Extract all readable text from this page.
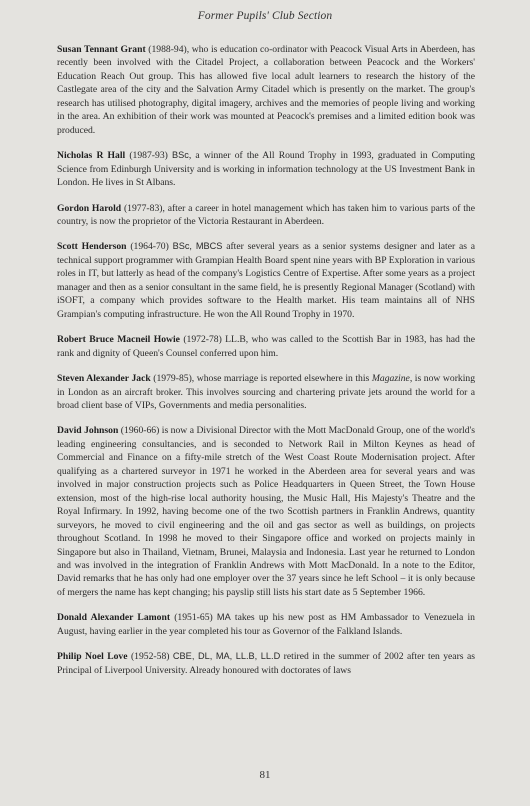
Former Pupils' Club Section

Susan Tennant Grant (1988-94), who is education co-ordinator with Peacock Visual Arts in Aberdeen, has recently been involved with the Citadel Project, a collaboration between Peacock and the Workers' Education Reach Out group. This has allowed five local adult learners to research the history of the Castlegate area of the city and the Salvation Army Citadel which is presently on the market. The group's research has utilised photography, digital imagery, archives and the memories of people living and working in the area. An exhibition of their work was mounted at Peacock's premises and a limited edition book was produced.

Nicholas R Hall (1987-93) BSc, a winner of the All Round Trophy in 1993, graduated in Computing Science from Edinburgh University and is working in information technology at the US Investment Bank in London. He lives in St Albans.

Gordon Harold (1977-83), after a career in hotel management which has taken him to various parts of the country, is now the proprietor of the Victoria Restaurant in Aberdeen.

Scott Henderson (1964-70) BSc, MBCS after several years as a senior systems designer and later as a technical support programmer with Grampian Health Board spent nine years with BP Exploration in various roles in IT, but latterly as head of the company's Logistics Centre of Expertise. After some years as a project manager and then as a senior consultant in the same field, he is presently Regional Manager (Scotland) with iSOFT, a company which provides software to the Health market. His team maintains all of NHS Grampian's computing infrastructure. He won the All Round Trophy in 1970.

Robert Bruce Macneil Howie (1972-78) LL.B, who was called to the Scottish Bar in 1983, has had the rank and dignity of Queen's Counsel conferred upon him.

Steven Alexander Jack (1979-85), whose marriage is reported elsewhere in this Magazine, is now working in London as an aircraft broker. This involves sourcing and chartering private jets around the world for a broad client base of VIPs, Governments and media personalities.

David Johnson (1960-66) is now a Divisional Director with the Mott MacDonald Group, one of the world's leading engineering consultancies, and is seconded to Network Rail in Milton Keynes as head of Commercial and Finance on a fifty-mile stretch of the West Coast Route Modernisation project. After qualifying as a chartered surveyor in 1971 he worked in the Aberdeen area for several years and was involved in major construction projects such as Police Headquarters in Queen Street, the Town House extension, most of the high-rise local authority housing, the Music Hall, His Majesty's Theatre and the Royal Infirmary. In 1992, having become one of the two Scottish partners in Franklin Andrews, quantity surveyors, he moved to civil engineering and the oil and gas sector as well as buildings, on projects throughout Scotland. In 1998 he moved to their Singapore office and worked on projects mainly in Singapore but also in Thailand, Vietnam, Brunei, Malaysia and Indonesia. Last year he returned to London and was involved in the integration of Franklin Andrews with Mott MacDonald. In a note to the Editor, David remarks that he has only had one employer over the 37 years since he left School – it is only because of mergers the name has kept changing; his payslip still lists his start date as 5 September 1966.

Donald Alexander Lamont (1951-65) MA takes up his new post as HM Ambassador to Venezuela in August, having earlier in the year completed his tour as Governor of the Falkland Islands.

Philip Noel Love (1952-58) CBE, DL, MA, LL.B, LL.D retired in the summer of 2002 after ten years as Principal of Liverpool University. Already honoured with doctorates of laws

81
